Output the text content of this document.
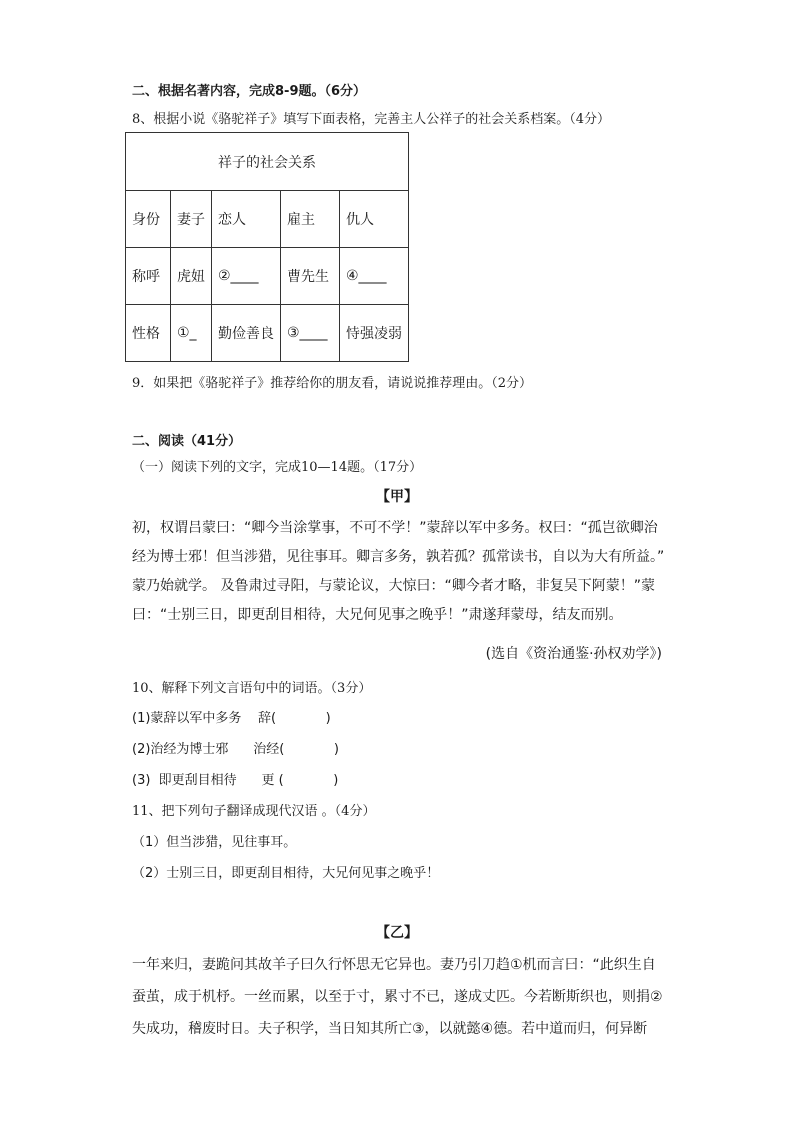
二、根据名著内容，完成8-9题。（6分）
8、根据小说《骆驼祥子》填写下面表格，完善主人公祥子的社会关系档案。（4分）
祥子的社会关系				
身份	妻子	恋人	雇主	仇人
称呼	虎妞	②____	曹先生	④____
性格	①_	勤俭善良	③____	恃强凌弱
9．如果把《骆驼祥子》推荐给你的朋友看，请说说推荐理由。（2分）
二、阅读（41分）
（一）阅读下列的文字，完成10—14题。（17分）
【甲】
初，权谓吕蒙曰：“卿今当涂掌事，不可不学！”蒙辞以军中多务。权曰：“孤岂欲卿治
经为博士邪！但当涉猎，见往事耳。卿言多务，孰若孤？孤常读书，自以为大有所益。”
蒙乃始就学。 及鲁肃过寻阳，与蒙论议，大惊曰：“卿今者才略，非复吴下阿蒙！”蒙
曰：“士别三日，即更刮目相待，大兄何见事之晚乎！”肃遂拜蒙母，结友而别。
(选自《资治通鉴·孙权劝学》)
10、解释下列文言语句中的词语。（3分）
(1)蒙辞以军中多务    辞(            )
(2)治经为博士邪      治经(            )
(3)  即更刮目相待      更 (            )
11、把下列句子翻译成现代汉语 。（4分）
（1）但当涉猎，见往事耳。
（2）士别三日，即更刮目相待，大兄何见事之晚乎！
【乙】
一年来归，妻跪问其故羊子曰久行怀思无它异也。妻乃引刀趋①机而言曰：“此织生自
蚕茧，成于机杼。一丝而累，以至于寸，累寸不已，遂成丈匹。今若断斯织也，则捐②
失成功，稽废时日。夫子积学，当日知其所亡③，以就懿④德。若中道而归，何异断
